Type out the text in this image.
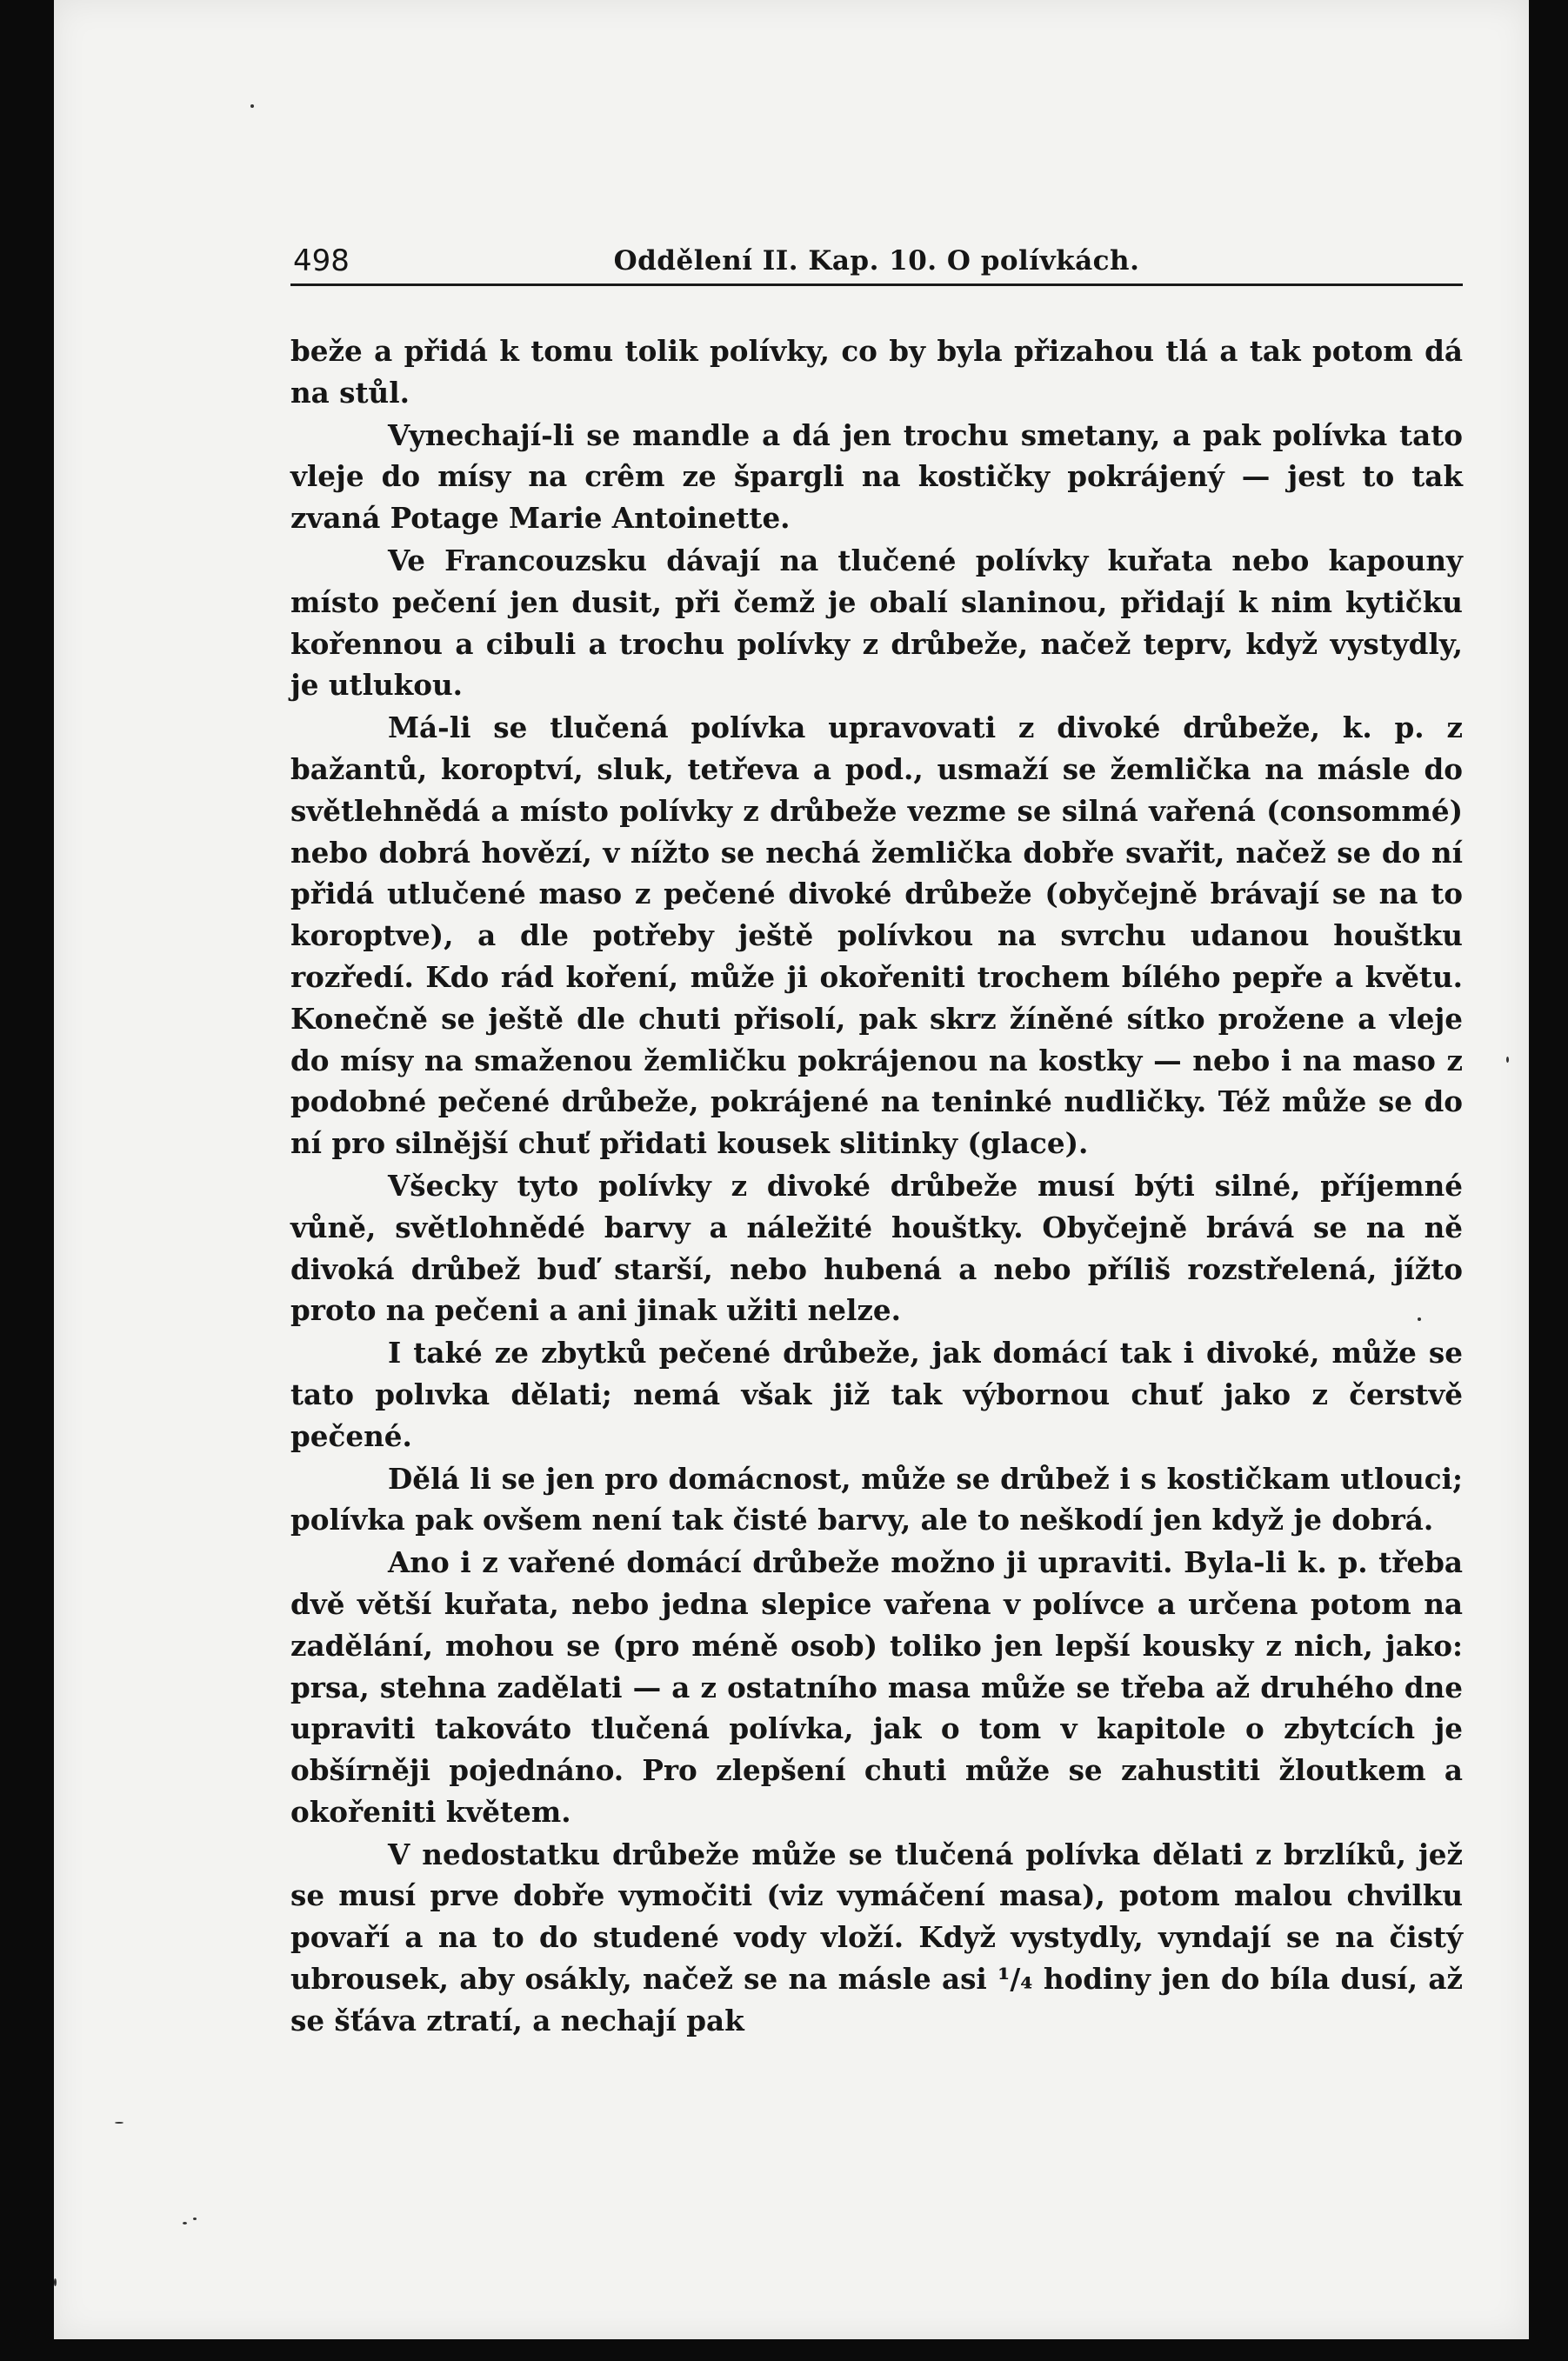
498	Oddělení II. Kap. 10. O polívkách.

beže a přidá k tomu tolik polívky, co by byla přizahou tlá a tak potom dá na stůl.

Vynechají-li se mandle a dá jen trochu smetany, a pak polívka tato vleje do mísy na crêm ze špargli na kostičky pokrájený — jest to tak zvaná Potage Marie Antoinette.

Ve Francouzsku dávají na tlučené polívky kuřata nebo kapouny místo pečení jen dusit, při čemž je obalí slaninou, přidají k nim kytičku kořennou a cibuli a trochu polívky z drůbeže, načež teprv, když vystydly, je utlukou.

Má-li se tlučená polívka upravovati z divoké drůbeže, k. p. z bažantů, koroptví, sluk, tetřeva a pod., usmaží se žemlička na másle do světlehnědá a místo polívky z drůbeže vezme se silná vařená (consommé) nebo dobrá hovězí, v nížto se nechá žemlička dobře svařit, načež se do ní přidá utlučené maso z pečené divoké drůbeže (obyčejně brávají se na to koroptve), a dle potřeby ještě polívkou na svrchu udanou houštku rozředí. Kdo rád koření, může ji okořeniti trochem bílého pepře a květu. Konečně se ještě dle chuti přisolí, pak skrz žíněné sítko prožene a vleje do mísy na smaženou žemličku pokrájenou na kostky — nebo i na maso z podobné pečené drůbeže, pokrájené na teninké nudličky. Též může se do ní pro silnější chuť přidati kousek slitinky (glace).

Všecky tyto polívky z divoké drůbeže musí býti silné, příjemné vůně, světlohnědé barvy a náležité houštky. Obyčejně brává se na ně divoká drůbež buď starší, nebo hubená a nebo příliš rozstřelená, jížto proto na pečeni a ani jinak užiti nelze.

I také ze zbytků pečené drůbeže, jak domácí tak i divoké, může se tato polıvka dělati; nemá však již tak výbornou chuť jako z čerstvě pečené.

Dělá li se jen pro domácnost, může se drůbež i s kostičkam utlouci; polívka pak ovšem není tak čisté barvy, ale to neškodí jen když je dobrá.

Ano i z vařené domácí drůbeže možno ji upraviti. Byla-li k. p. třeba dvě větší kuřata, nebo jedna slepice vařena v polívce a určena potom na zadělání, mohou se (pro méně osob) toliko jen lepší kousky z nich, jako: prsa, stehna zadělati — a z ostatního masa může se třeba až druhého dne upraviti takováto tlučená polívka, jak o tom v kapitole o zbytcích je obšírněji pojednáno. Pro zlepšení chuti může se zahustiti žloutkem a okořeniti květem.

V nedostatku drůbeže může se tlučená polívka dělati z brzlíků, jež se musí prve dobře vymočiti (viz vymáčení masa), potom malou chvilku povaří a na to do studené vody vloží. Když vystydly, vyndají se na čistý ubrousek, aby osákly, načež se na másle asi ¹/₄ hodiny jen do bíla dusí, až se šťáva ztratí, a nechají pak
